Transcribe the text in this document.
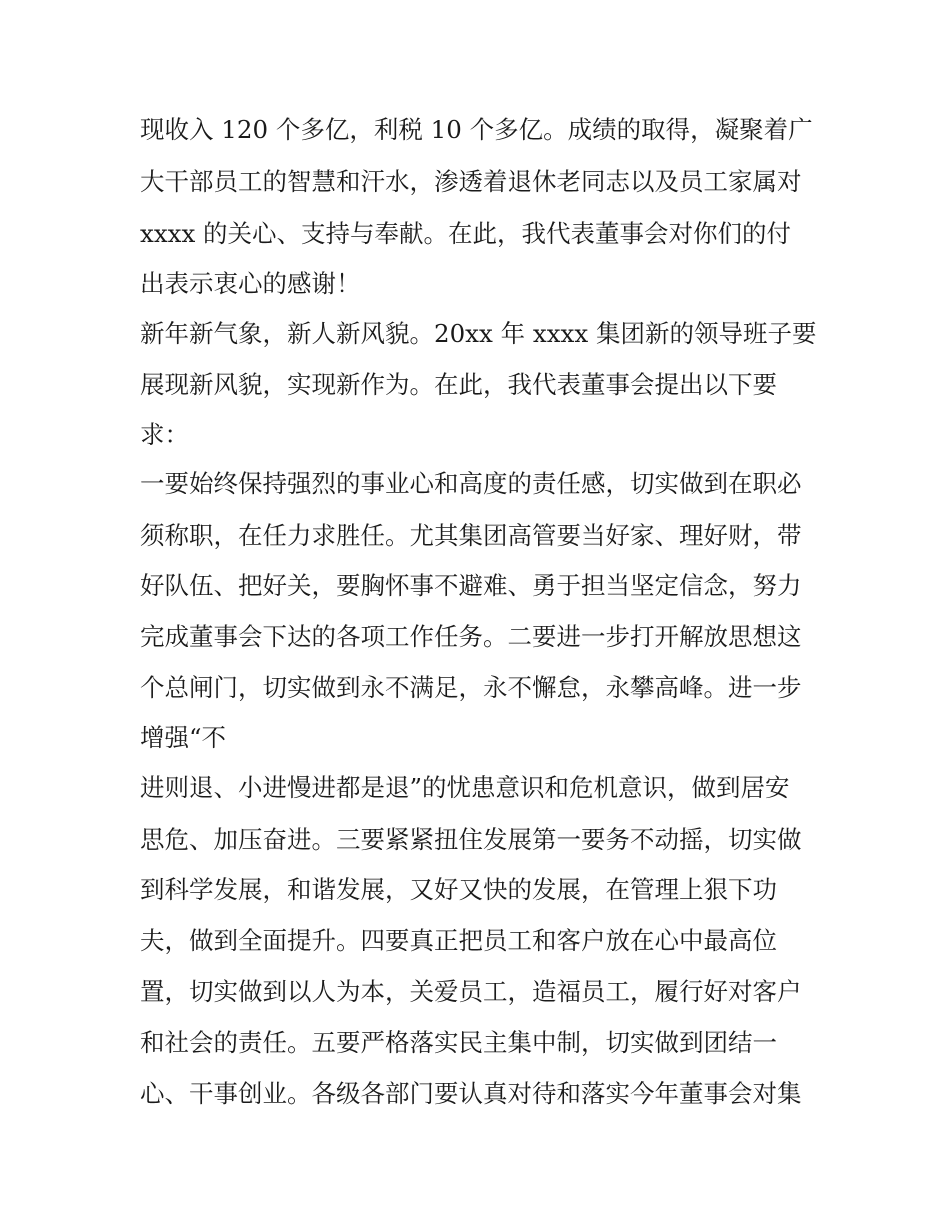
现收入 120 个多亿，利税 10 个多亿。成绩的取得，凝聚着广
大干部员工的智慧和汗水，渗透着退休老同志以及员工家属对
xxxx 的关心、支持与奉献。在此，我代表董事会对你们的付
出表示衷心的感谢！
新年新气象，新人新风貌。20xx 年 xxxx 集团新的领导班子要
展现新风貌，实现新作为。在此，我代表董事会提出以下要
求：
一要始终保持强烈的事业心和高度的责任感，切实做到在职必
须称职，在任力求胜任。尤其集团高管要当好家、理好财，带
好队伍、把好关，要胸怀事不避难、勇于担当坚定信念，努力
完成董事会下达的各项工作任务。二要进一步打开解放思想这
个总闸门，切实做到永不满足，永不懈怠，永攀高峰。进一步
增强“不
进则退、小进慢进都是退”的忧患意识和危机意识，做到居安
思危、加压奋进。三要紧紧扭住发展第一要务不动摇，切实做
到科学发展，和谐发展，又好又快的发展，在管理上狠下功
夫，做到全面提升。四要真正把员工和客户放在心中最高位
置，切实做到以人为本，关爱员工，造福员工，履行好对客户
和社会的责任。五要严格落实民主集中制，切实做到团结一
心、干事创业。各级各部门要认真对待和落实今年董事会对集
